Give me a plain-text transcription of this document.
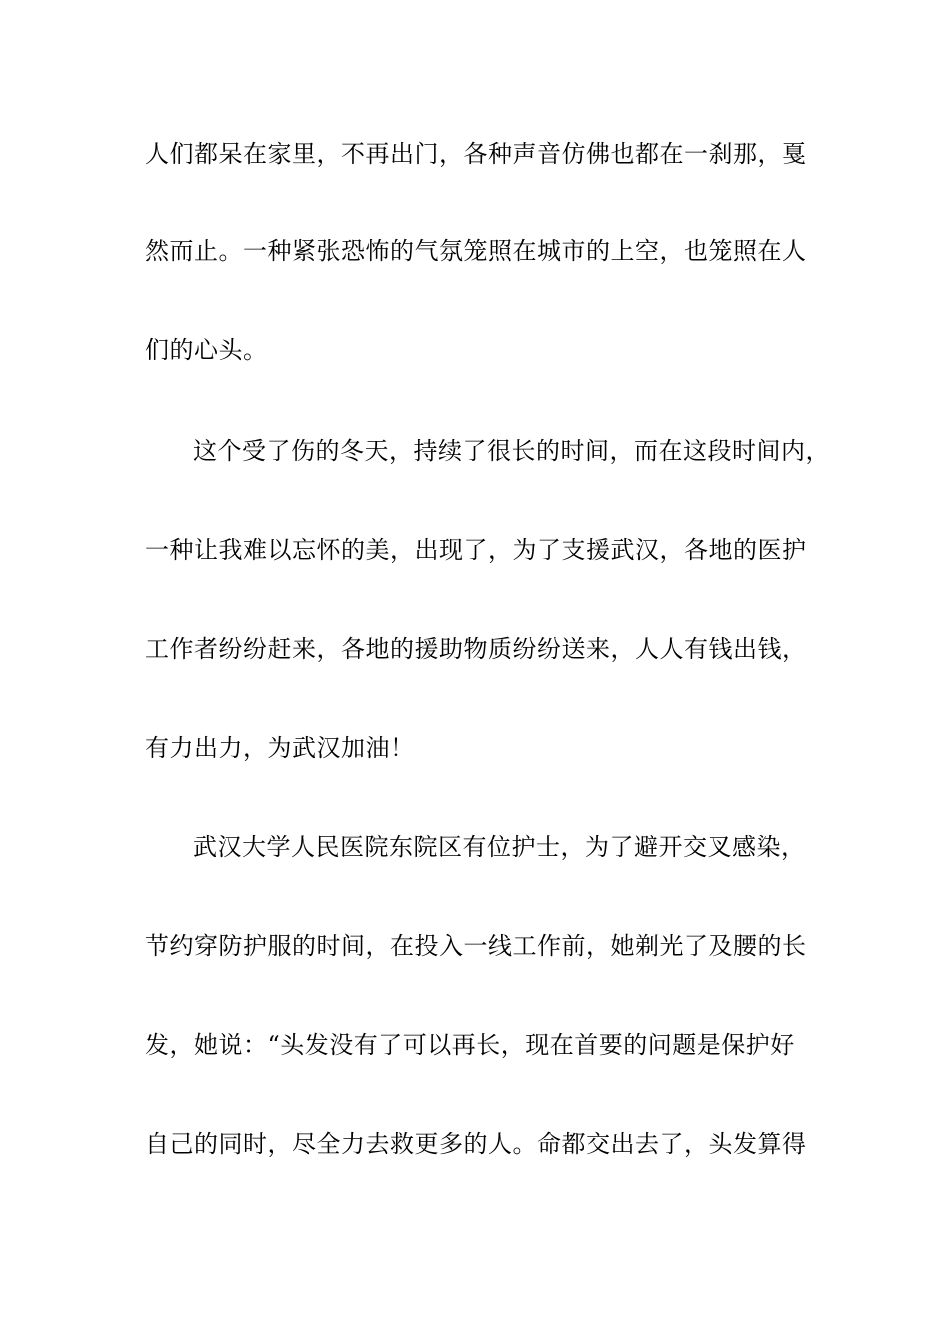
人们都呆在家里，不再出门，各种声音仿佛也都在一刹那，戛
然而止。一种紧张恐怖的气氛笼照在城市的上空，也笼照在人
们的心头。
这个受了伤的冬天，持续了很长的时间，而在这段时间内，
一种让我难以忘怀的美，出现了，为了支援武汉，各地的医护
工作者纷纷赶来，各地的援助物质纷纷送来，人人有钱出钱，
有力出力，为武汉加油！
武汉大学人民医院东院区有位护士，为了避开交叉感染，
节约穿防护服的时间，在投入一线工作前，她剃光了及腰的长
发，她说：“头发没有了可以再长，现在首要的问题是保护好
自己的同时，尽全力去救更多的人。命都交出去了，头发算得
